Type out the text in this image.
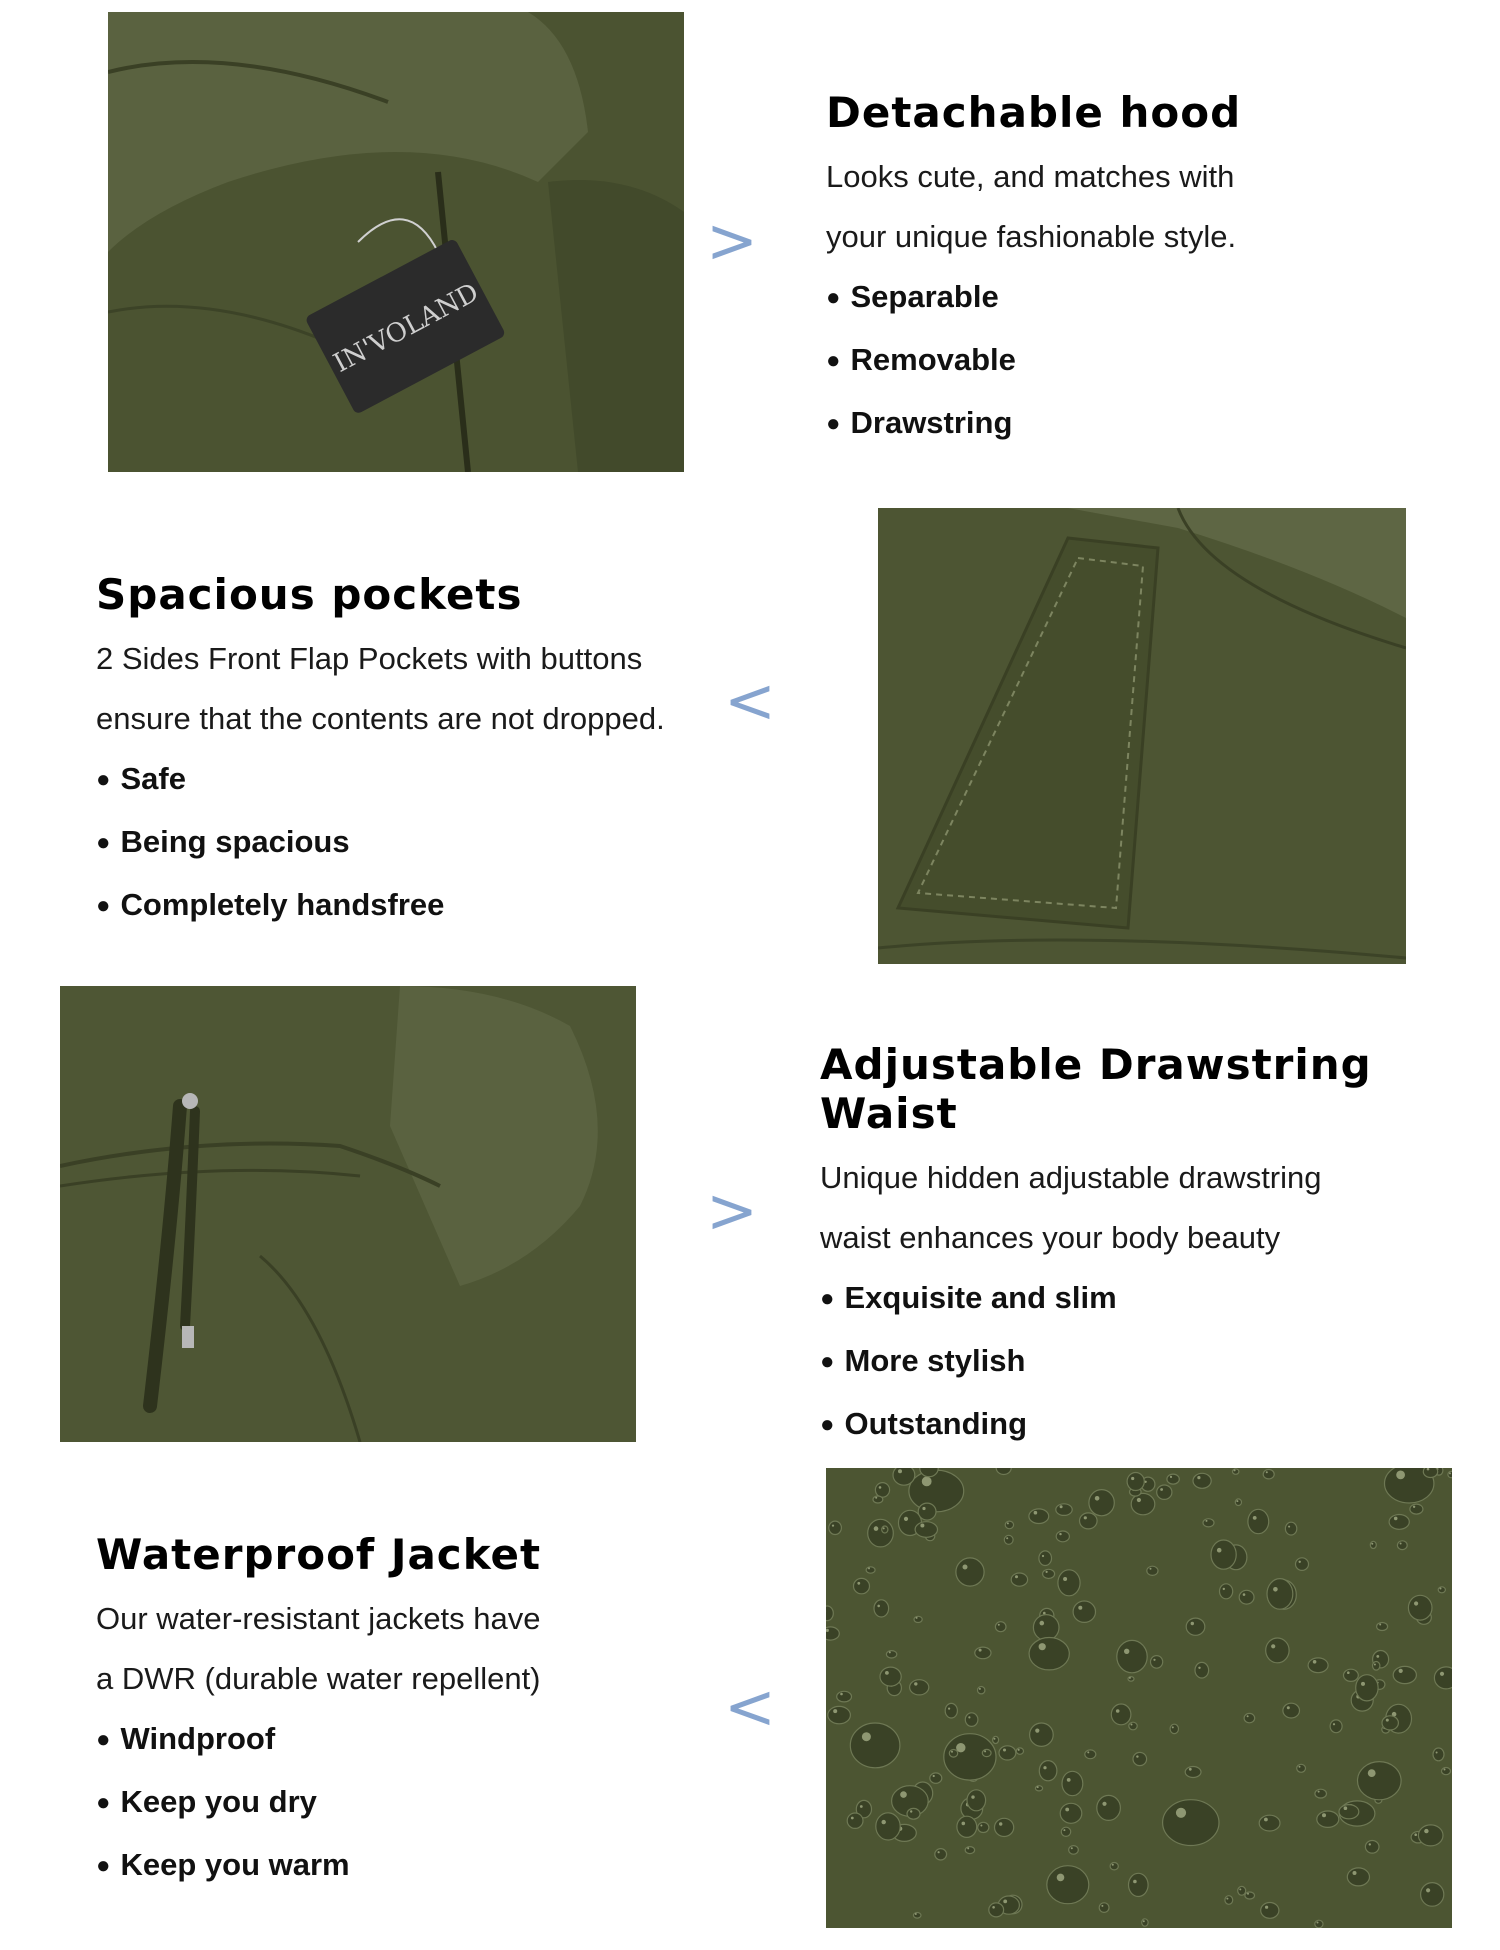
IN'VOLAND
>
Detachable hood

Looks cute, and matches with

your unique fashionable style.

● Separable
● Removable
● Drawstring
Spacious pockets

2 Sides Front Flap Pockets with buttons

ensure that the contents are not dropped.

● Safe
● Being spacious
● Completely handsfree
<
>
Adjustable Drawstring Waist

Unique hidden adjustable drawstring

waist enhances your body beauty

● Exquisite and slim
● More stylish
● Outstanding
Waterproof Jacket

Our water-resistant jackets have

a DWR (durable water repellent)

● Windproof
● Keep you dry
● Keep you warm
<
